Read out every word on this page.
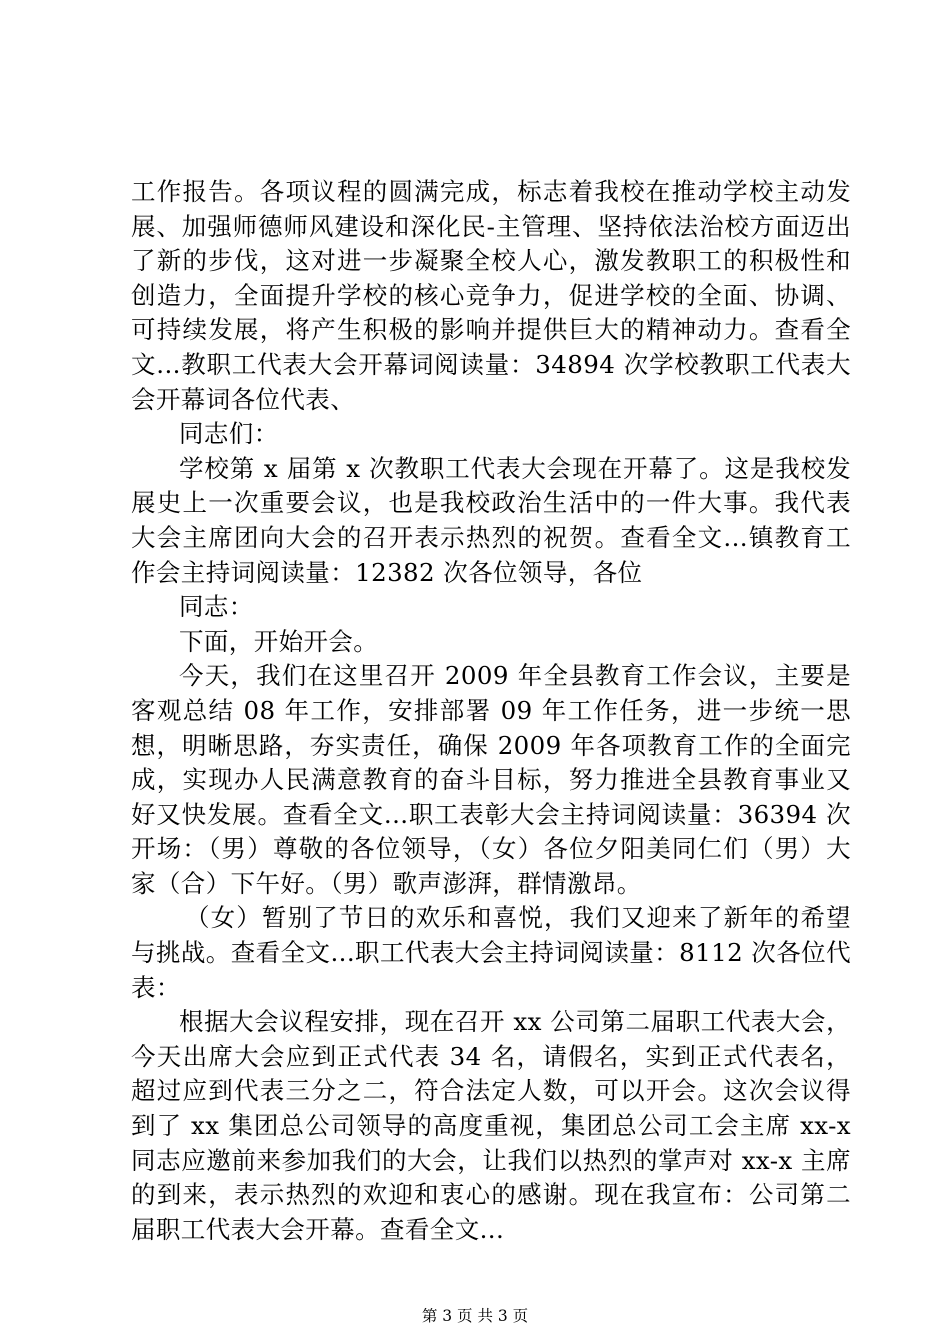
工作报告。各项议程的圆满完成，标志着我校在推动学校主动发展、加强师德师风建设和深化民-主管理、坚持依法治校方面迈出了新的步伐，这对进一步凝聚全校人心，激发教职工的积极性和创造力，全面提升学校的核心竞争力，促进学校的全面、协调、可持续发展，将产生积极的影响并提供巨大的精神动力。查看全文...教职工代表大会开幕词阅读量：34894 次学校教职工代表大会开幕词各位代表、

同志们：

学校第 x 届第 x 次教职工代表大会现在开幕了。这是我校发展史上一次重要会议，也是我校政治生活中的一件大事。我代表大会主席团向大会的召开表示热烈的祝贺。查看全文...镇教育工作会主持词阅读量：12382 次各位领导，各位

同志：

下面，开始开会。

今天，我们在这里召开 2009 年全县教育工作会议，主要是客观总结 08 年工作，安排部署 09 年工作任务，进一步统一思想，明晰思路，夯实责任，确保 2009 年各项教育工作的全面完成，实现办人民满意教育的奋斗目标，努力推进全县教育事业又好又快发展。查看全文...职工表彰大会主持词阅读量：36394 次开场：（男）尊敬的各位领导，（女）各位夕阳美同仁们（男）大家（合）下午好。（男）歌声澎湃，群情激昂。

（女）暂别了节日的欢乐和喜悦，我们又迎来了新年的希望与挑战。查看全文...职工代表大会主持词阅读量：8112 次各位代表：

根据大会议程安排，现在召开 xx 公司第二届职工代表大会，今天出席大会应到正式代表 34 名，请假名，实到正式代表名，超过应到代表三分之二，符合法定人数，可以开会。这次会议得到了 xx 集团总公司领导的高度重视，集团总公司工会主席 xx-x 同志应邀前来参加我们的大会，让我们以热烈的掌声对 xx-x 主席的到来，表示热烈的欢迎和衷心的感谢。现在我宣布：公司第二届职工代表大会开幕。查看全文...

第 3 页 共 3 页
